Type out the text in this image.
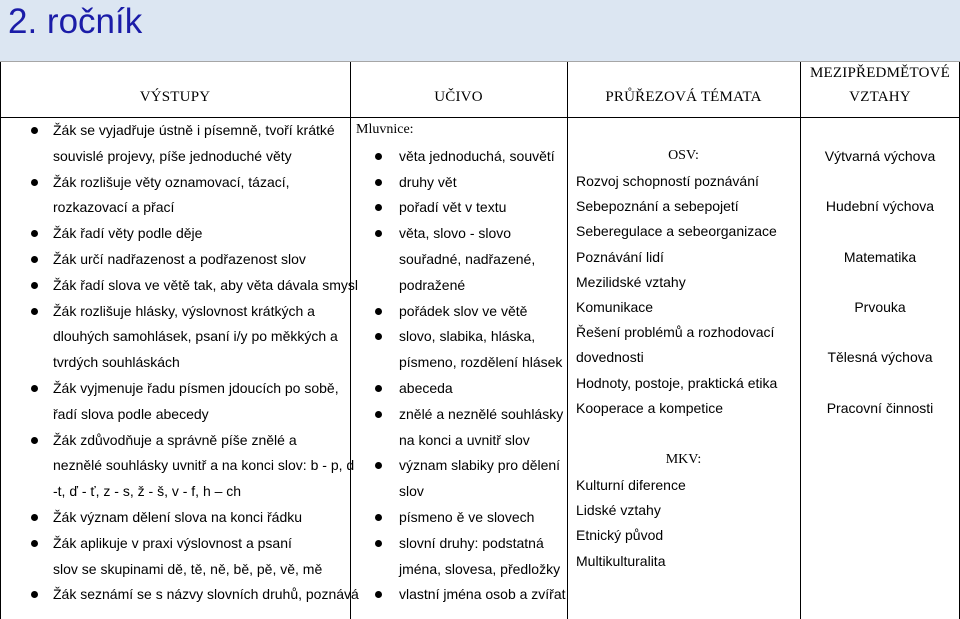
2. ročník
VÝSTUPY	UČIVO	PRŮŘEZOVÁ TÉMATA
MEZIPŘEDMĚTOVÉ
VZTAHY
Žák se vyjadřuje ústně i písemně, tvoří krátké
souvislé projevy, píše jednoduché věty
Žák rozlišuje věty oznamovací, tázací,
rozkazovací a přací
Žák řadí věty podle děje
Žák určí nadřazenost a podřazenost slov
Žák řadí slova ve větě tak, aby věta dávala smysl
Žák rozlišuje hlásky, výslovnost krátkých a
dlouhých samohlásek, psaní i/y po měkkých a
tvrdých souhláskách
Žák vyjmenuje řadu písmen jdoucích po sobě,
řadí slova podle abecedy
Žák zdůvodňuje a správně píše znělé a
neznělé souhlásky uvnitř a na konci slov: b - p, d
-t, ď - ť, z - s, ž - š, v - f, h – ch
Žák význam dělení slova na konci řádku
Žák aplikuje v praxi výslovnost a psaní
slov se skupinami dě, tě, ně, bě, pě, vě, mě
Žák seznámí se s názvy slovních druhů, poznává
Mluvnice:
věta jednoduchá, souvětí
druhy vět
pořadí vět v textu
věta, slovo - slovo
souřadné, nadřazené,
podražené
pořádek slov ve větě
slovo, slabika, hláska,
písmeno, rozdělení hlásek
abeceda
znělé a neznělé souhlásky
na konci a uvnitř slov
význam slabiky pro dělení
slov
písmeno ě ve slovech
slovní druhy: podstatná
jména, slovesa, předložky
vlastní jména osob a zvířat
OSV:
Rozvoj schopností poznávání
Sebepoznání a sebepojetí
Seberegulace a sebeorganizace
Poznávání lidí
Mezilidské vztahy
Komunikace
Řešení problémů a rozhodovací
dovednosti
Hodnoty, postoje, praktická etika
Kooperace a kompetice
MKV:
Kulturní diference
Lidské vztahy
Etnický původ
Multikulturalita
Výtvarná výchova
Hudební výchova
Matematika
Prvouka
Tělesná výchova
Pracovní činnosti
